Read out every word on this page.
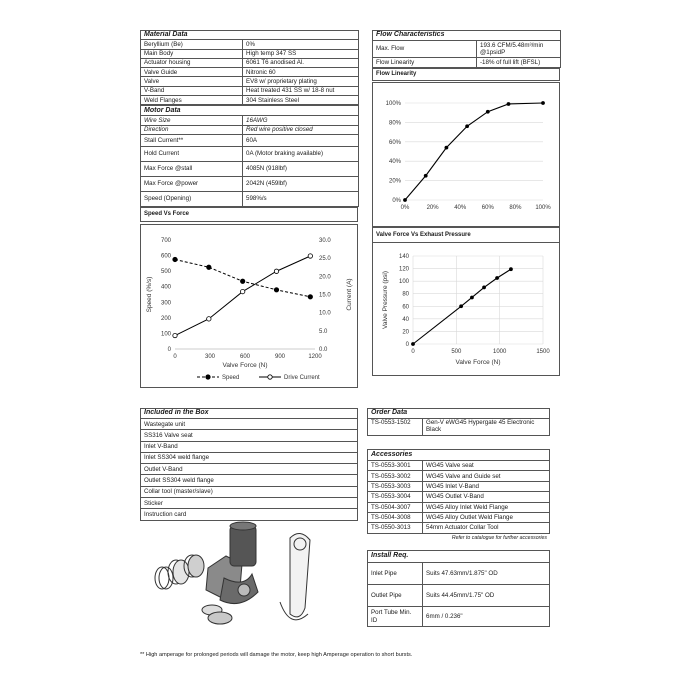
Material Data	
Beryllium (Be)	0%
Main Body	High temp 347 SS
Actuator housing	6061 T6 anodised Al.
Valve Guide	Nitronic 60
Valve	EV8 w/ proprietary plating
V-Band	Heat treated 431 SS w/ 18-8 nut
Weld Flanges	304 Stainless Steel
Motor Data	
Wire Size	16AWG
Direction	Red wire positive closed
Stall Current**	60A
Hold Current	0A (Motor braking available)
Max Force @stall	4085N (918lbf)
Max Force @power	2042N (459lbf)
Speed (Opening)	598%/s
Speed Vs Force
0	300	600	900	1200
0
100
200
300
400
500
600
700
0.0
5.0
10.0
15.0
20.0
25.0
30.0
Valve Force (N)
Speed (%/s)	Current (A)
Speed	Drive Current
Flow Characteristics	
Max. Flow	193.6 CFM/5.48m³/min @1psidP
Flow Linearity	-18% of full lift (BFSL)
Flow Linearity
0%
20%
40%
60%
80%
100%
0%	20%	40%	60%	80% 100%
Valve Force Vs Exhaust Pressure
0
20
40
60
80
100
120
140
0	500	1000	1500
Valve Force (N)
Valve Pressure (psi)
Included in the Box
Wastegate unit
SS316 Valve seat
Inlet V-Band
Inlet SS304 weld flange
Outlet V-Band
Outlet SS304 weld flange
Collar tool (master/slave)
Sticker
Instruction card
Order Data
TS-0553-1502	Gen-V eWG45 Hypergate 45 Electronic Black
Accessories	
TS-0553-3001	WG45 Valve seat
TS-0553-3002	WG45 Valve and Guide set
TS-0553-3003	WG45 Inlet V-Band
TS-0553-3004	WG45 Outlet V-Band
TS-0504-3007	WG45 Alloy Inlet Weld Flange
TS-0504-3008	WG45 Alloy Outlet Weld Flange
TS-0550-3013	54mm Actuator Collar Tool
Refer to catalogue for further accessories
Install Req.	
Inlet Pipe	Suits 47.63mm/1.875" OD
Outlet Pipe	Suits 44.45mm/1.75" OD
Port Tube Min. ID	6mm / 0.236"
** High amperage for prolonged periods will damage the motor, keep high Amperage operation to short bursts.
